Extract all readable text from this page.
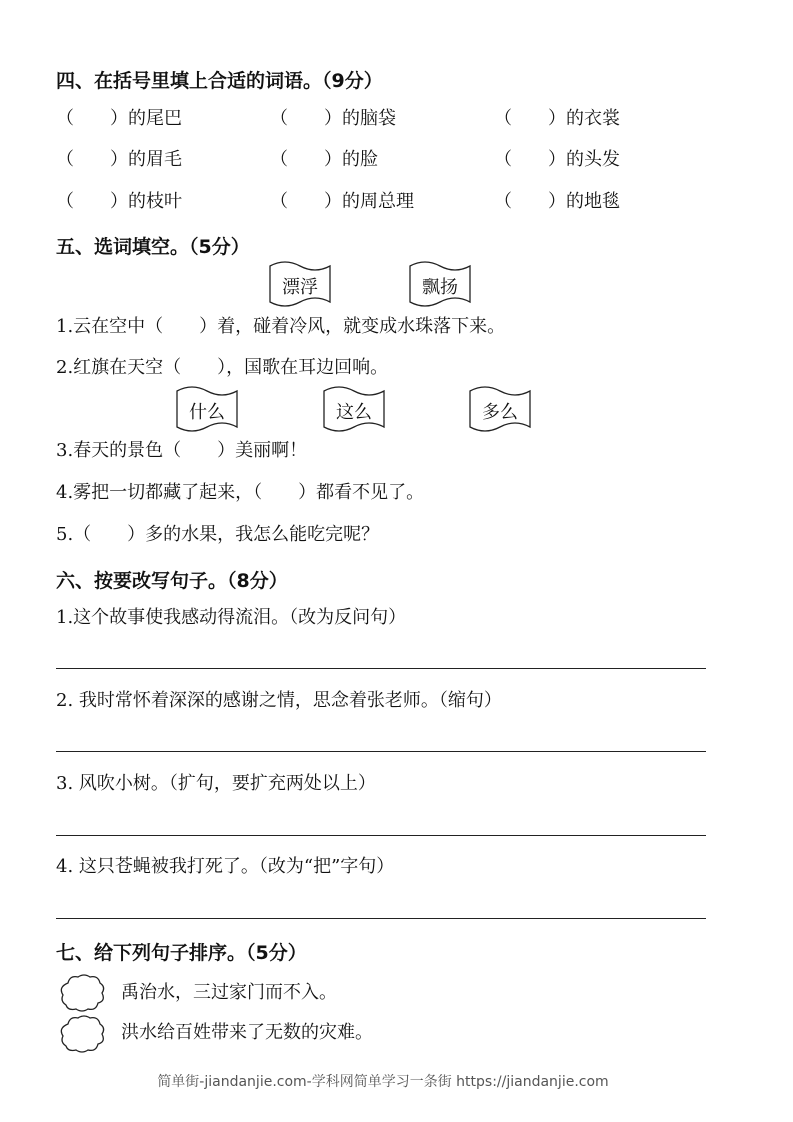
四、在括号里填上合适的词语。（9分）
（　　）的尾巴	（　　）的脑袋	（　　）的衣裳
（　　）的眉毛	（　　）的脸	（　　）的头发
（　　）的枝叶	（　　）的周总理	（　　）的地毯
五、选词填空。（5分）
漂浮	飘扬
什么	这么	多么
1.云在空中（　　）着，碰着冷风，就变成水珠落下来。
2.红旗在天空（　　），国歌在耳边回响。
3.春天的景色（　　）美丽啊！
4.雾把一切都藏了起来，（　　）都看不见了。
5.（　　）多的水果，我怎么能吃完呢？
六、按要改写句子。（8分）
1.这个故事使我感动得流泪。（改为反问句）
2. 我时常怀着深深的感谢之情，思念着张老师。（缩句）
3. 风吹小树。（扩句，要扩充两处以上）
4. 这只苍蝇被我打死了。（改为“把”字句）
七、给下列句子排序。（5分）
禹治水，三过家门而不入。
洪水给百姓带来了无数的灾难。
简单街-jiandanjie.com-学科网简单学习一条街 https://jiandanjie.com
